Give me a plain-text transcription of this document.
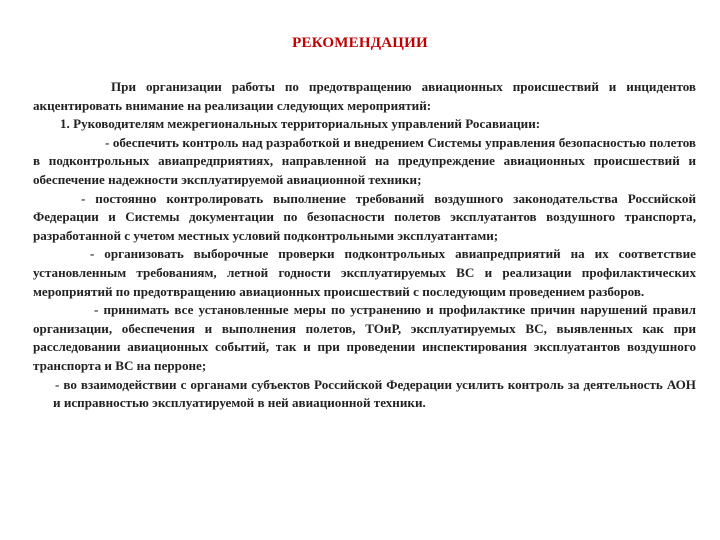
РЕКОМЕНДАЦИИ

При организации работы по предотвращению авиационных происшествий и инцидентов акцентировать внимание на реализации следующих мероприятий:

1. Руководителям межрегиональных территориальных управлений Росавиации:

- обеспечить контроль над разработкой и внедрением Системы управления безопасностью полетов в подконтрольных авиапредприятиях, направленной на предупреждение авиационных происшествий и обеспечение надежности эксплуатируемой авиационной техники;

- постоянно контролировать выполнение требований воздушного законодательства Российской Федерации и Системы документации по безопасности полетов эксплуатантов воздушного транспорта, разработанной с учетом местных условий подконтрольными эксплуатантами;

- организовать выборочные проверки подконтрольных авиапредприятий на их соответствие установленным требованиям, летной годности эксплуатируемых ВС и реализации профилактических мероприятий по предотвращению авиационных происшествий с последующим проведением разборов.

- принимать все установленные меры по устранению и профилактике причин нарушений правил организации, обеспечения и выполнения полетов, ТОиР, эксплуатируемых ВС, выявленных как при расследовании авиационных событий, так и при проведении инспектирования эксплуатантов воздушного транспорта и ВС на перроне;

- во взаимодействии с органами субъектов Российской Федерации усилить контроль за деятельность АОН и исправностью эксплуатируемой в ней авиационной техники.
